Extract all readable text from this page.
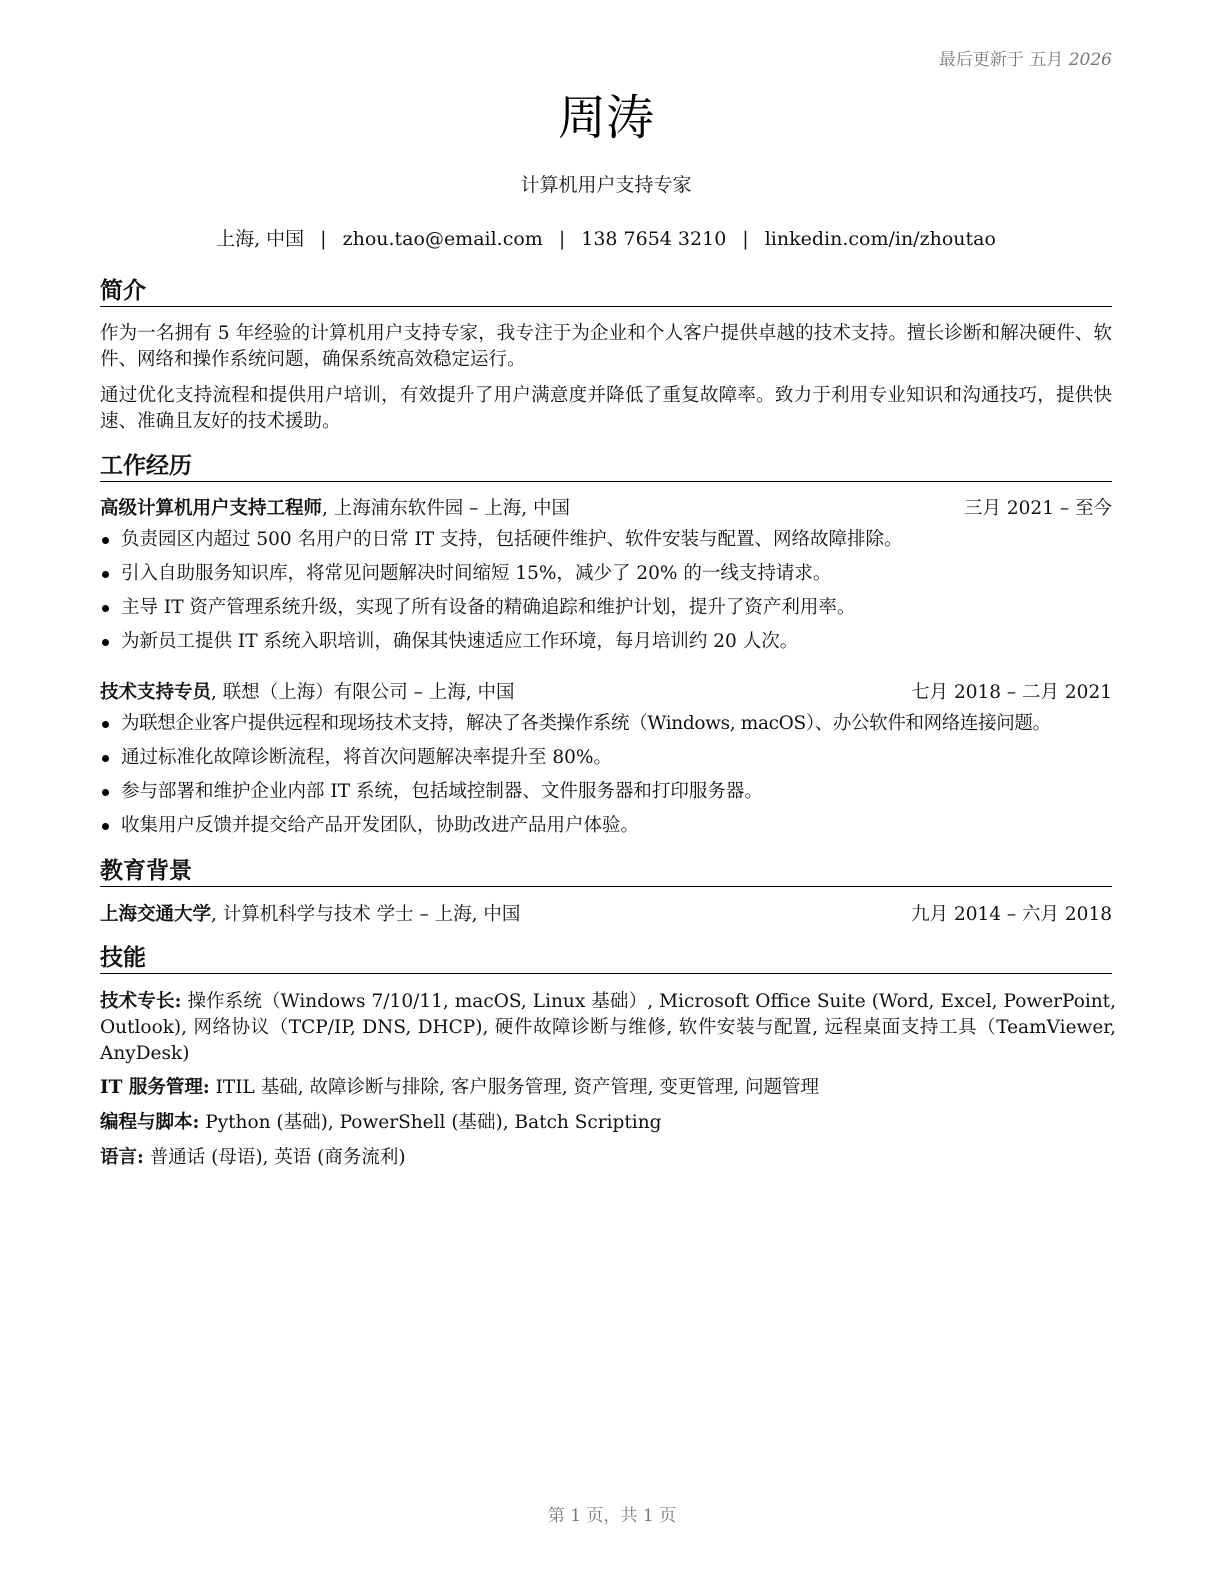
最后更新于 五月 2026
周涛
计算机用户支持专家
上海, 中国 | zhou.tao@email.com | 138 7654 3210 | linkedin.com/in/zhoutao
简介
作为一名拥有 5 年经验的计算机用户支持专家，我专注于为企业和个人客户提供卓越的技术支持。擅长诊断和解决硬件、软件、网络和操作系统问题，确保系统高效稳定运行。
通过优化支持流程和提供用户培训，有效提升了用户满意度并降低了重复故障率。致力于利用专业知识和沟通技巧，提供快速、准确且友好的技术援助。
工作经历
高级计算机用户支持工程师, 上海浦东软件园 – 上海, 中国	三月 2021 – 至今
负责园区内超过 500 名用户的日常 IT 支持，包括硬件维护、软件安装与配置、网络故障排除。
引入自助服务知识库，将常见问题解决时间缩短 15%，减少了 20% 的一线支持请求。
主导 IT 资产管理系统升级，实现了所有设备的精确追踪和维护计划，提升了资产利用率。
为新员工提供 IT 系统入职培训，确保其快速适应工作环境，每月培训约 20 人次。
技术支持专员, 联想（上海）有限公司 – 上海, 中国	七月 2018 – 二月 2021
为联想企业客户提供远程和现场技术支持，解决了各类操作系统（Windows, macOS）、办公软件和网络连接问题。
通过标准化故障诊断流程，将首次问题解决率提升至 80%。
参与部署和维护企业内部 IT 系统，包括域控制器、文件服务器和打印服务器。
收集用户反馈并提交给产品开发团队，协助改进产品用户体验。
教育背景
上海交通大学, 计算机科学与技术 学士 – 上海, 中国	九月 2014 – 六月 2018
技能
技术专长: 操作系统（Windows 7/10/11, macOS, Linux 基础）, Microsoft Office Suite (Word, Excel, PowerPoint, Outlook), 网络协议（TCP/IP, DNS, DHCP), 硬件故障诊断与维修, 软件安装与配置, 远程桌面支持工具（TeamViewer, AnyDesk)
IT 服务管理: ITIL 基础, 故障诊断与排除, 客户服务管理, 资产管理, 变更管理, 问题管理
编程与脚本: Python (基础), PowerShell (基础), Batch Scripting
语言: 普通话 (母语), 英语 (商务流利)
第 1 页，共 1 页
